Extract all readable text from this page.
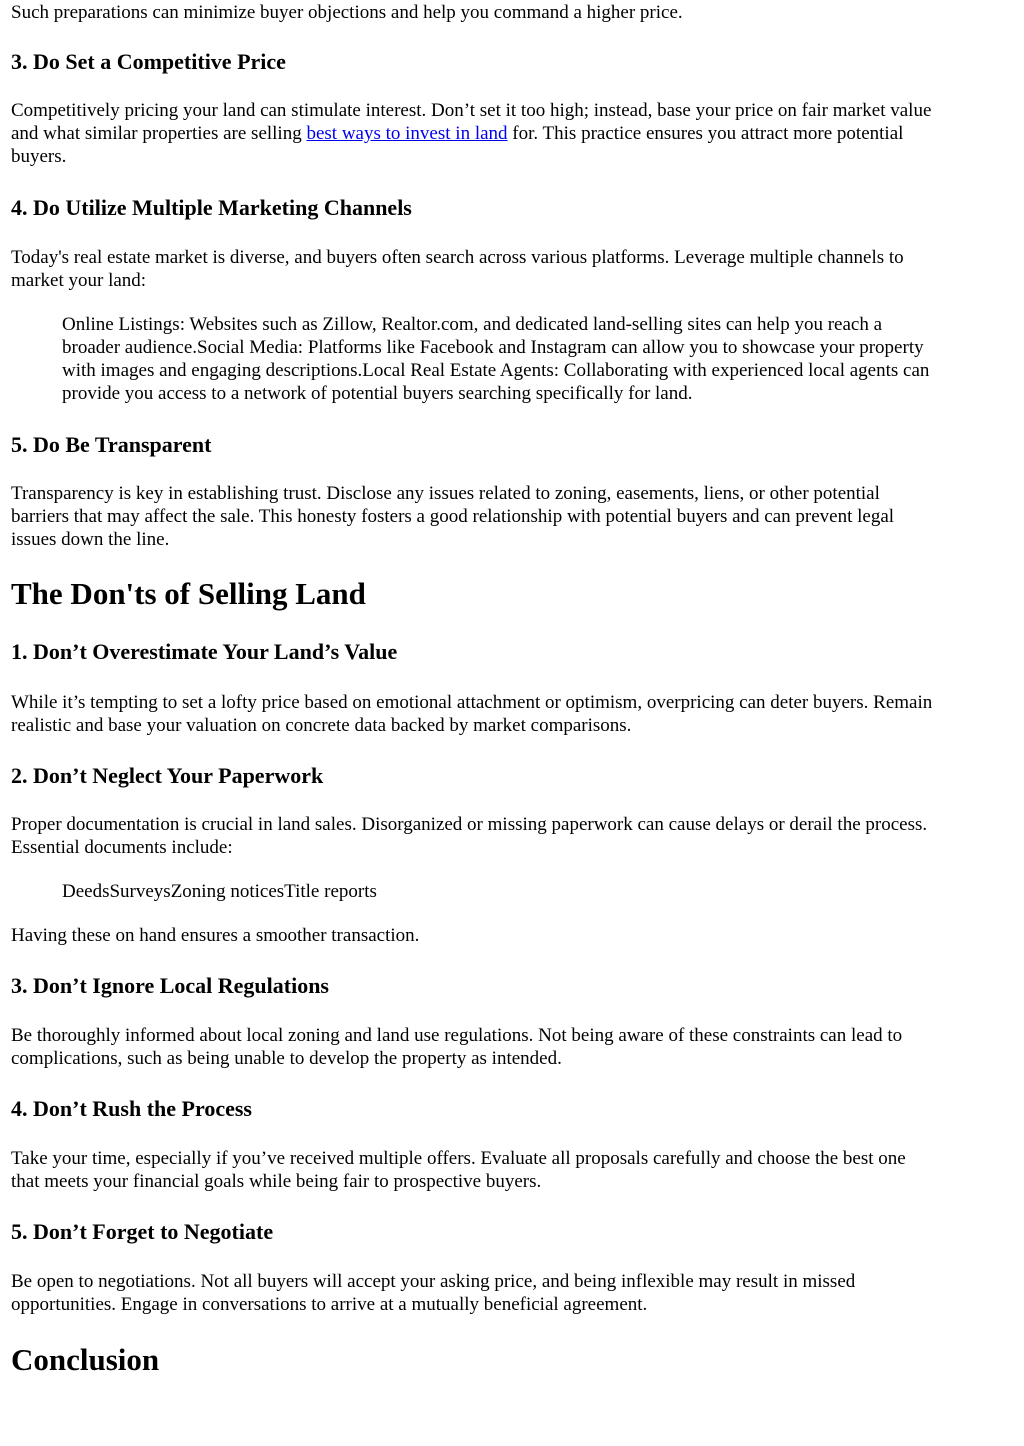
Such preparations can minimize buyer objections and help you command a higher price.

3. Do Set a Competitive Price

Competitively pricing your land can stimulate interest. Don’t set it too high; instead, base your price on fair market value
and what similar properties are selling best ways to invest in land for. This practice ensures you attract more potential
buyers.

4. Do Utilize Multiple Marketing Channels

Today's real estate market is diverse, and buyers often search across various platforms. Leverage multiple channels to
market your land:

Online Listings: Websites such as Zillow, Realtor.com, and dedicated land-selling sites can help you reach a
broader audience.Social Media: Platforms like Facebook and Instagram can allow you to showcase your property
with images and engaging descriptions.Local Real Estate Agents: Collaborating with experienced local agents can
provide you access to a network of potential buyers searching specifically for land.
5. Do Be Transparent

Transparency is key in establishing trust. Disclose any issues related to zoning, easements, liens, or other potential
barriers that may affect the sale. This honesty fosters a good relationship with potential buyers and can prevent legal
issues down the line.

The Don'ts of Selling Land
1. Don’t Overestimate Your Land’s Value

While it’s tempting to set a lofty price based on emotional attachment or optimism, overpricing can deter buyers. Remain
realistic and base your valuation on concrete data backed by market comparisons.

2. Don’t Neglect Your Paperwork

Proper documentation is crucial in land sales. Disorganized or missing paperwork can cause delays or derail the process.
Essential documents include:

DeedsSurveysZoning noticesTitle reports

Having these on hand ensures a smoother transaction.

3. Don’t Ignore Local Regulations

Be thoroughly informed about local zoning and land use regulations. Not being aware of these constraints can lead to
complications, such as being unable to develop the property as intended.

4. Don’t Rush the Process

Take your time, especially if you’ve received multiple offers. Evaluate all proposals carefully and choose the best one
that meets your financial goals while being fair to prospective buyers.

5. Don’t Forget to Negotiate

Be open to negotiations. Not all buyers will accept your asking price, and being inflexible may result in missed
opportunities. Engage in conversations to arrive at a mutually beneficial agreement.

Conclusion
